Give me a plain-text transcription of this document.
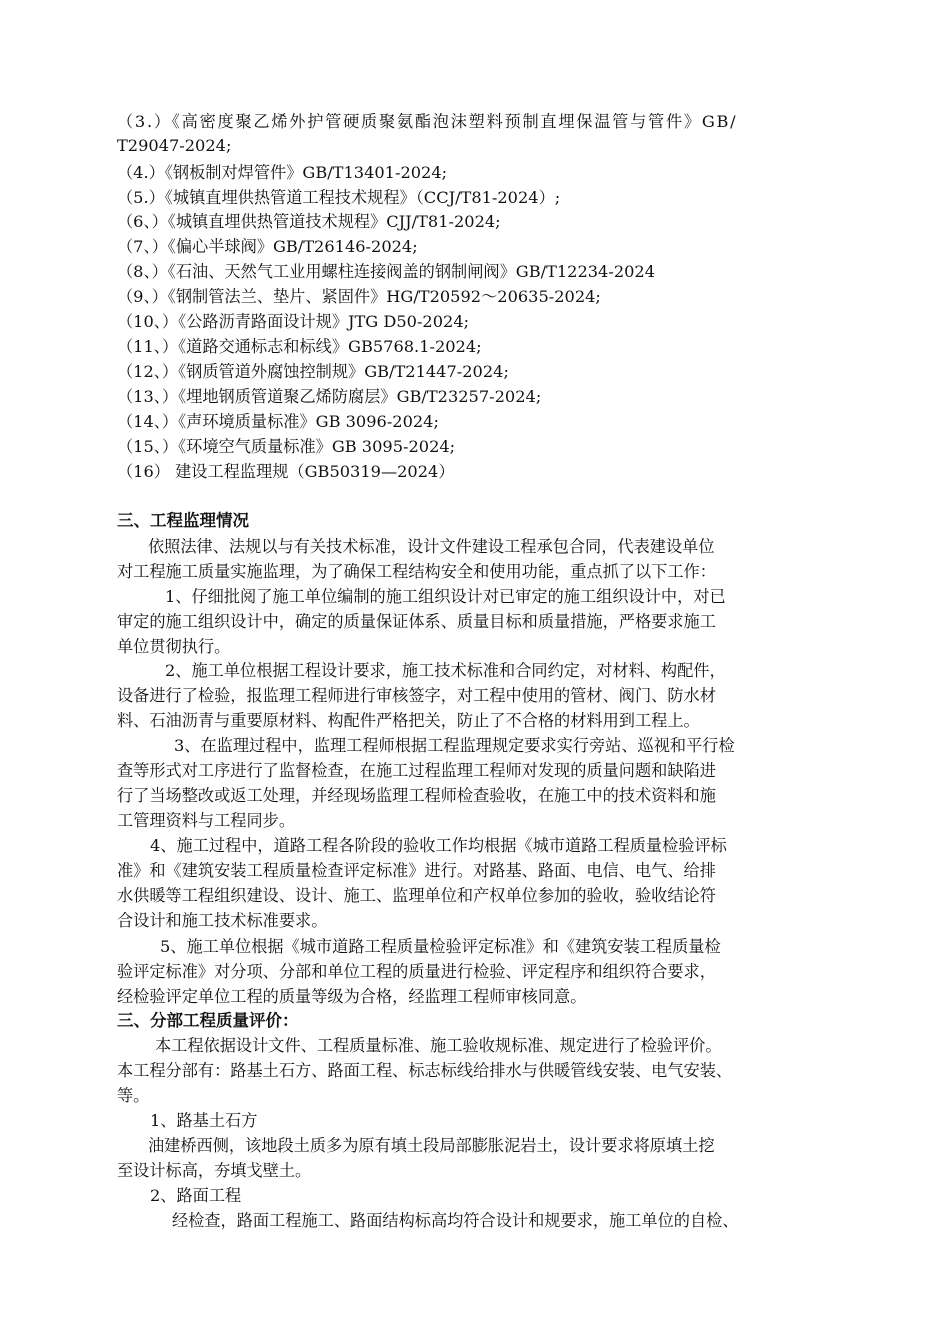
（3.）《高密度聚乙烯外护管硬质聚氨酯泡沫塑料预制直埋保温管与管件》GB/
T29047-2024;
（4.）《钢板制对焊管件》GB/T13401-2024;
（5.）《城镇直埋供热管道工程技术规程》（CCJ/T81-2024）;
（6、）《城镇直埋供热管道技术规程》CJJ/T81-2024;
（7、）《偏心半球阀》GB/T26146-2024;
（8、）《石油、天然气工业用螺柱连接阀盖的钢制闸阀》GB/T12234-2024
（9、）《钢制管法兰、垫片、紧固件》HG/T20592～20635-2024;
（10、）《公路沥青路面设计规》JTG D50-2024;
（11、）《道路交通标志和标线》GB5768.1-2024;
（12、）《钢质管道外腐蚀控制规》GB/T21447-2024;
（13、）《埋地钢质管道聚乙烯防腐层》GB/T23257-2024;
（14、）《声环境质量标准》GB 3096-2024;
（15、）《环境空气质量标准》GB 3095-2024;
（16） 建设工程监理规（GB50319—2024）
三、工程监理情况
依照法律、法规以与有关技术标准，设计文件建设工程承包合同，代表建设单位
对工程施工质量实施监理，为了确保工程结构安全和使用功能，重点抓了以下工作：
1、仔细批阅了施工单位编制的施工组织设计对已审定的施工组织设计中，对已
审定的施工组织设计中，确定的质量保证体系、质量目标和质量措施，严格要求施工
单位贯彻执行。
2、施工单位根据工程设计要求，施工技术标准和合同约定，对材料、构配件，
设备进行了检验，报监理工程师进行审核签字，对工程中使用的管材、阀门、防水材
料、石油沥青与重要原材料、构配件严格把关，防止了不合格的材料用到工程上。
3、在监理过程中，监理工程师根据工程监理规定要求实行旁站、巡视和平行检
查等形式对工序进行了监督检查，在施工过程监理工程师对发现的质量问题和缺陷进
行了当场整改或返工处理，并经现场监理工程师检查验收，在施工中的技术资料和施
工管理资料与工程同步。
4、施工过程中，道路工程各阶段的验收工作均根据《城市道路工程质量检验评标
准》和《建筑安装工程质量检查评定标准》进行。对路基、路面、电信、电气、给排
水供暖等工程组织建设、设计、施工、监理单位和产权单位参加的验收，验收结论符
合设计和施工技术标准要求。
5、施工单位根据《城市道路工程质量检验评定标准》和《建筑安装工程质量检
验评定标准》对分项、分部和单位工程的质量进行检验、评定程序和组织符合要求，
经检验评定单位工程的质量等级为合格，经监理工程师审核同意。
三、分部工程质量评价：
本工程依据设计文件、工程质量标准、施工验收规标准、规定进行了检验评价。
本工程分部有：路基土石方、路面工程、标志标线给排水与供暖管线安装、电气安装、
等。
1、路基土石方
油建桥西侧，该地段土质多为原有填土段局部膨胀泥岩土，设计要求将原填土挖
至设计标高，夯填戈壁土。
2、路面工程
经检查，路面工程施工、路面结构标高均符合设计和规要求，施工单位的自检、
